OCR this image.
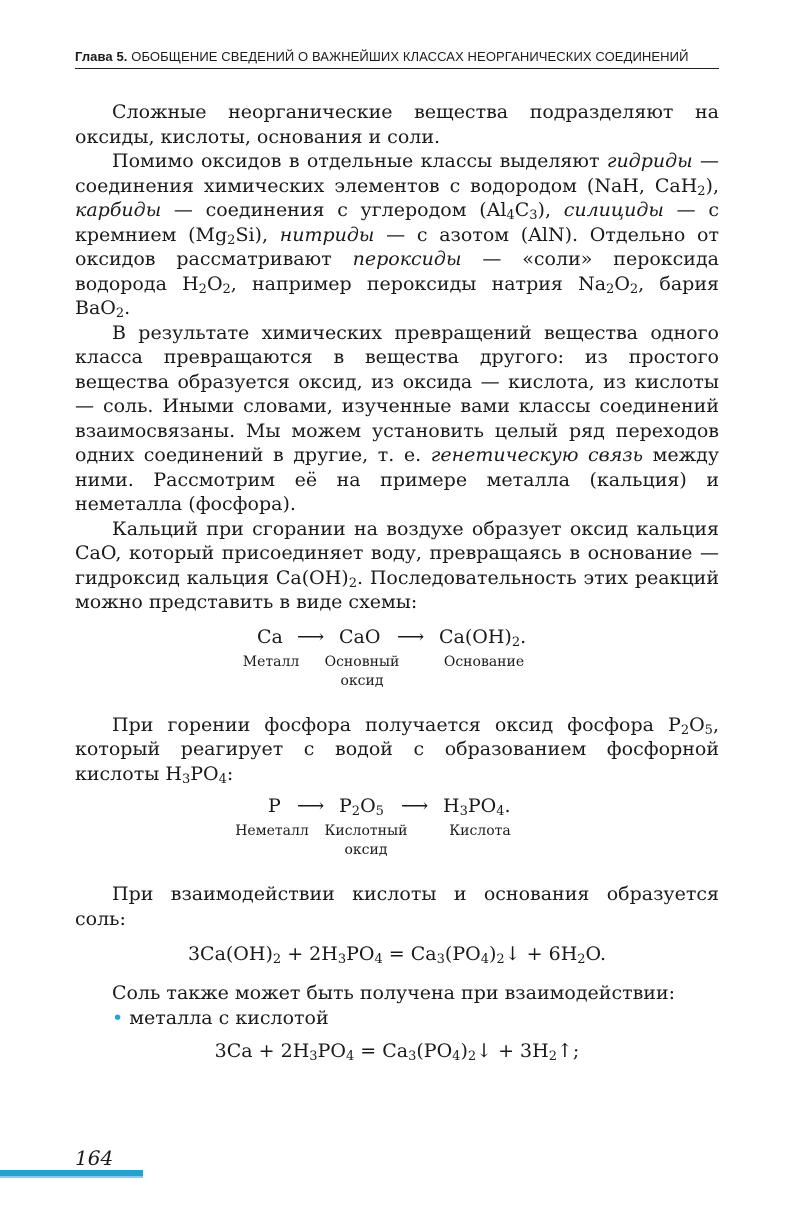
Глава 5. ОБОБЩЕНИЕ СВЕДЕНИЙ О ВАЖНЕЙШИХ КЛАССАХ НЕОРГАНИЧЕСКИХ СОЕДИНЕНИЙ

Сложные неорганические вещества подразделяют на оксиды, кислоты, основания и соли.

Помимо оксидов в отдельные классы выделяют гидриды — соединения химических элементов с водородом (NaH, CaH$_2$), карбиды — соединения с углеродом $(Al_4C_3)$, силициды — с кремнием $(Mg_2Si)$, нитриды — с азотом (AlN). Отдельно от оксидов рассматривают пероксиды — «соли» пероксида водорода $H_2O_2$, например пероксиды натрия $Na_2O_2$, бария BaO$_2$.

В результате химических превращений вещества одного класса превращаются в вещества другого: из простого вещества образуется оксид, из оксида — кислота, из кислоты — соль. Иными словами, изученные вами классы соединений взаимосвязаны. Мы можем установить целый ряд переходов одних соединений в другие, т. е. генетическую связь между ними. Рассмотрим её на примере металла (кальция) и неметалла (фосфора).

Кальций при сгорании на воздухе образует оксид кальция CaO, который присоединяет воду, превращаясь в основание — гидроксид кальция $Ca(OH)_2$. Последовательность этих реакций можно представить в виде схемы:

Ca ⟶ CaO ⟶ $Ca(OH)_2$.
Металл Основный
оксид
Основание

При горении фосфора получается оксид фосфора $P_2O_5$, который реагирует с водой с образованием фосфорной кислоты $H_3PO_4$:

P ⟶ $P_2O_5$ ⟶ $H_3PO_4$.
Неметалл Кислотный
оксид
Кислота

При взаимодействии кислоты и основания образуется соль:

$3Ca(OH)_2 + 2H_3PO_4$ = $Ca_3(PO_4)_2↓ + 6H_2O$.

Соль также может быть получена при взаимодействии:

• металла с кислотой

$3Ca + 2H_3PO_4$ = $Ca_3(PO_4)_2↓$ + $3H_2↑$;
164
